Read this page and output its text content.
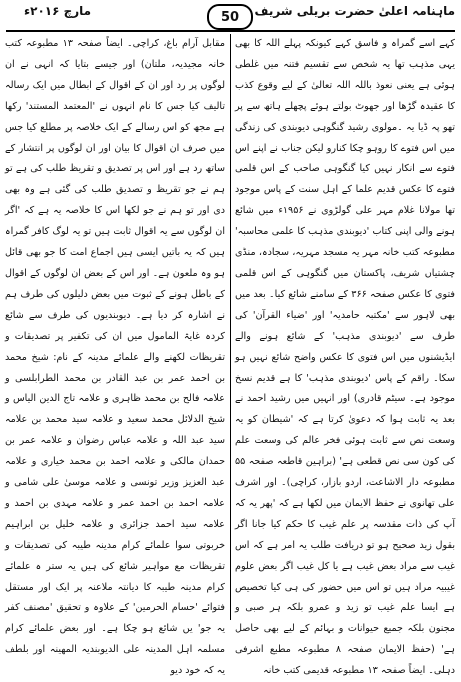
ماہنامہ اعلیٰ حضرت بریلی شریف
50
مارچ ۲۰۱۶ء

کہے اسے گمراہ و فاسق کہے کیونکہ پہلے اللہ کا بھی یہی مذہب تھا یہ شخص سے تقسیم فتنہ میں غلطی ہوئی ہے یعنی نعوذ باللہ اللہ تعالیٰ کے لیے وقوع کذب کا عقیدہ گڑھا اور جھوٹ بولتے ہوئے پچھلے ہاتھ سے پر تھو پہ ڈیا یہ ۔مولوی رشید گنگوہی دیوبندی کی زندگی میں اس فتوے کا روہو چکا کنارو لیکن جناب نے اپنے اس فتوے سے انکار نہیں کیا گنگوہی صاحب کے اس قلمی فتوے کا عکس قدیم علما کے اہل سنت کے پاس موجود تھا مولانا غلام مہر علی گولڑوی نے ۱۹۵۶ء میں شائع ہونے والی اپنی کتاب 'دیوبندی مذہب کا علمی محاسبہ' مطبوعہ کتب خانہ مہر یہ مسجد مہریہ، سجادہ، منڈی چشتیاں شریف، پاکستان میں گنگوہی کے اس قلمی فتوی کا عکس صفحہ ۳۶۶ کے سامنے شائع کیا۔ بعد میں بھی لاہور سے 'مکتبہ حامدیہ' اور 'ضیاء القرآن' کی طرف سے 'دیوبندی مذہب' کے شائع ہونے والے ایڈیشنوں میں اس فتوی کا عکس واضح شائع نہیں ہو سکا۔ راقم کے پاس 'دیوبندی مذہب' کا ہے قدیم نسخ موجود ہے۔ سیٹم قادری) اور انہیں میں رشید احمد نے بعد یہ ثابت ہوا کہ دعویٰ کرتا ہے کہ 'شیطان کو یہ وسعت نص سے ثابت ہوئی فخر عالم کی وسعت علم کی کون سی نص قطعی ہے' (براہین قاطعہ صفحہ ۵۵ مطبوعہ دار الاشاعت، اردو بازار، کراچی)۔ اور اشرف علی تھانوی نے حفظ الایمان میں لکھا ہے کہ 'پھر یہ کہ آپ کی ذات مقدسہ پر علم غیب کا حکم کیا جانا اگر بقول زید صحیح ہو تو دریافت طلب یہ امر ہے کہ اس غیب سے مراد بعض غیب ہے یا کل غیب اگر بعض علوم غیبیہ مراد ہیں تو اس میں حضور کی ہی کیا تخصیص ہے ایسا علم غیب تو زید و عمرو بلکہ ہر صبی و مجنون بلکہ جمیع حیوانات و بہائم کے لیے بھی حاصل ہے' (حفظ الایمان صفحہ ۸ مطبوعہ مطبع اشرفی دہلی۔ ایضاً صفحہ ۱۳ مطبوعہ قدیمی کتب خانہ

مقابل آرام باغ، کراچی۔ ایضاً صفحہ ۱۳ مطبوعہ کتب خانہ مجیدیہ، ملتان) اور جیسے بتایا کہ انہی نے ان لوگوں پر رد اور ان کے اقوال کے ابطال میں ایک رسالہ تالیف کیا جس کا نام انہوں نے 'المعتمد المستند' رکھا ہے مجھ کو اس رسالے کے ایک خلاصہ پر مطلع کیا جس میں صرف ان اقوال کا بیان اور ان لوگوں پر انتشار کے ساتھ رد ہے اور اس پر تصدیق و تقریظ طلب کی ہے تو ہم نے جو تقریظ و تصدیق طلب کی گئی ہے وہ بھی دی اور تو ہم نے جو لکھا اس کا خلاصہ یہ ہے کہ 'اگر ان لوگوں سے یہ اقوال ثابت ہیں تو یہ لوگ کافر گمراہ ہیں کہ یہ باتیں ایسی ہیں اجماع امت کا جو بھی قائل ہو وہ ملعون ہے۔ اور اس کے بعض ان لوگوں کے اقوال کے باطل ہونے کے ثبوت میں بعض دلیلوں کی طرف ہم نے اشارہ کر دیا ہے۔ دیوبندیوں کی طرف سے شائع کردہ غایۃ المامول میں ان کی تکفیر پر تصدیقات و تقریظات لکھنے والے علمائے مدینہ کے نام: شیخ محمد بن احمد عمر بن عبد القادر بن محمد الطرابلسی و علامہ فالح بن محمد ظاہری و علامہ تاج الدین الیاس و شیخ الدلائل محمد سعید و علامہ سید محمد بن علامہ سید عبد اللہ و علامہ عباس رضوان و علامہ عمر بن حمدان مالکی و علامہ احمد بن محمد خیاری و علامہ عبد العزیز وزیر تونسی و علامہ موسیٰ علی شامی و علامہ احمد بن احمد عمر و علامہ مہدی بن احمد و علامہ سید احمد جزائری و علامہ خلیل بن ابراہیم خربوتی سوا علمائے کرام مدینہ طیبہ کی تصدیقات و تقریظات مع مواہیر شائع کی ہیں یہ ستر ہ علمائے کرام مدینہ طیبہ کا دیانتہ ملاعنہ پر ایک اور مستقل فتوائے 'حسام الحرمین' کے علاوہ و تحقیق 'مصنف کفر یہ جو' یں شائع ہو چکا ہے۔ اور بعض علمائے کرام مسلمہ اہل المدينہ علی الديوبنديہ المهينہ اور بلطف یہ کہ خود دیو
